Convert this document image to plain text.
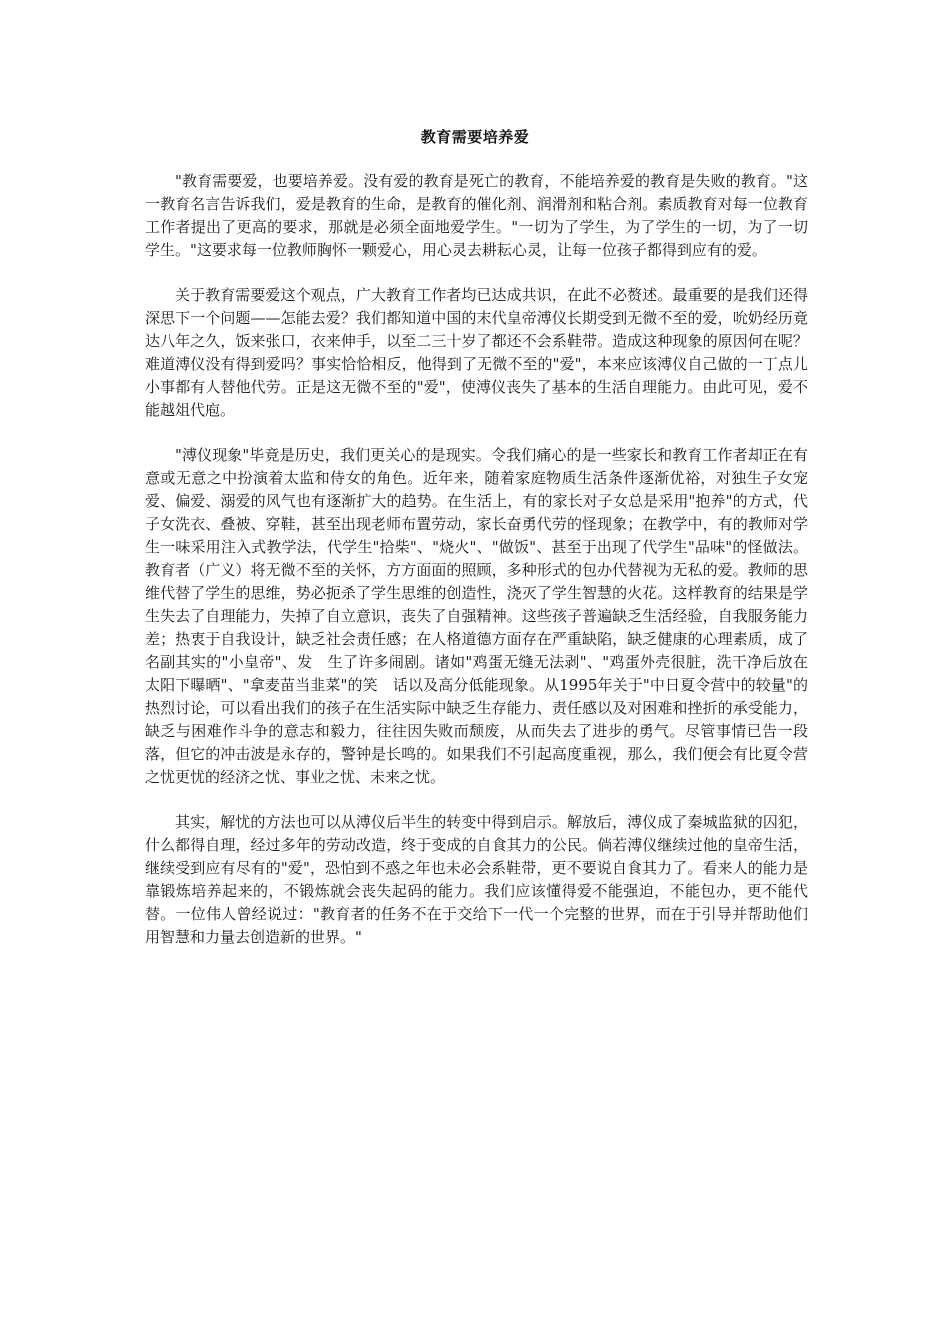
教育需要培养爱

"教育需要爱，也要培养爱。没有爱的教育是死亡的教育，不能培养爱的教育是失败的教育。"这一教育名言告诉我们，爱是教育的生命，是教育的催化剂、润滑剂和粘合剂。素质教育对每一位教育工作者提出了更高的要求，那就是必须全面地爱学生。"一切为了学生，为了学生的一切，为了一切学生。"这要求每一位教师胸怀一颗爱心，用心灵去耕耘心灵，让每一位孩子都得到应有的爱。

关于教育需要爱这个观点，广大教育工作者均已达成共识，在此不必赘述。最重要的是我们还得深思下一个问题——怎能去爱？我们都知道中国的末代皇帝溥仪长期受到无微不至的爱，吮奶经历竟达八年之久，饭来张口，衣来伸手，以至二三十岁了都还不会系鞋带。造成这种现象的原因何在呢？难道溥仪没有得到爱吗？事实恰恰相反，他得到了无微不至的"爱"，本来应该溥仪自己做的一丁点儿小事都有人替他代劳。正是这无微不至的"爱"，使溥仪丧失了基本的生活自理能力。由此可见，爱不能越俎代庖。

"溥仪现象"毕竟是历史，我们更关心的是现实。令我们痛心的是一些家长和教育工作者却正在有意或无意之中扮演着太监和侍女的角色。近年来，随着家庭物质生活条件逐渐优裕，对独生子女宠爱、偏爱、溺爱的风气也有逐渐扩大的趋势。在生活上，有的家长对子女总是采用"抱养"的方式，代子女洗衣、叠被、穿鞋，甚至出现老师布置劳动，家长奋勇代劳的怪现象；在教学中，有的教师对学生一味采用注入式教学法，代学生"拾柴"、"烧火"、"做饭"、甚至于出现了代学生"品味"的怪做法。教育者（广义）将无微不至的关怀，方方面面的照顾，多种形式的包办代替视为无私的爱。教师的思维代替了学生的思维，势必扼杀了学生思维的创造性，浇灭了学生智慧的火花。这样教育的结果是学生失去了自理能力，失掉了自立意识，丧失了自强精神。这些孩子普遍缺乏生活经验，自我服务能力差；热衷于自我设计，缺乏社会责任感；在人格道德方面存在严重缺陷，缺乏健康的心理素质，成了名副其实的"小皇帝"、发　生了许多闹剧。诸如"鸡蛋无缝无法剥"、"鸡蛋外壳很脏，洗干净后放在太阳下曝晒"、"拿麦苗当韭菜"的笑　话以及高分低能现象。从1995年关于"中日夏令营中的较量"的热烈讨论，可以看出我们的孩子在生活实际中缺乏生存能力、责任感以及对困难和挫折的承受能力，缺乏与困难作斗争的意志和毅力，往往因失败而颓废，从而失去了进步的勇气。尽管事情已告一段落，但它的冲击波是永存的，警钟是长鸣的。如果我们不引起高度重视，那么，我们便会有比夏令营之忧更忧的经济之忧、事业之忧、未来之忧。

其实，解忧的方法也可以从溥仪后半生的转变中得到启示。解放后，溥仪成了秦城监狱的囚犯，什么都得自理，经过多年的劳动改造，终于变成的自食其力的公民。倘若溥仪继续过他的皇帝生活，继续受到应有尽有的"爱"，恐怕到不惑之年也未必会系鞋带，更不要说自食其力了。看来人的能力是靠锻炼培养起来的，不锻炼就会丧失起码的能力。我们应该懂得爱不能强迫，不能包办，更不能代替。一位伟人曾经说过："教育者的任务不在于交给下一代一个完整的世界，而在于引导并帮助他们用智慧和力量去创造新的世界。"
